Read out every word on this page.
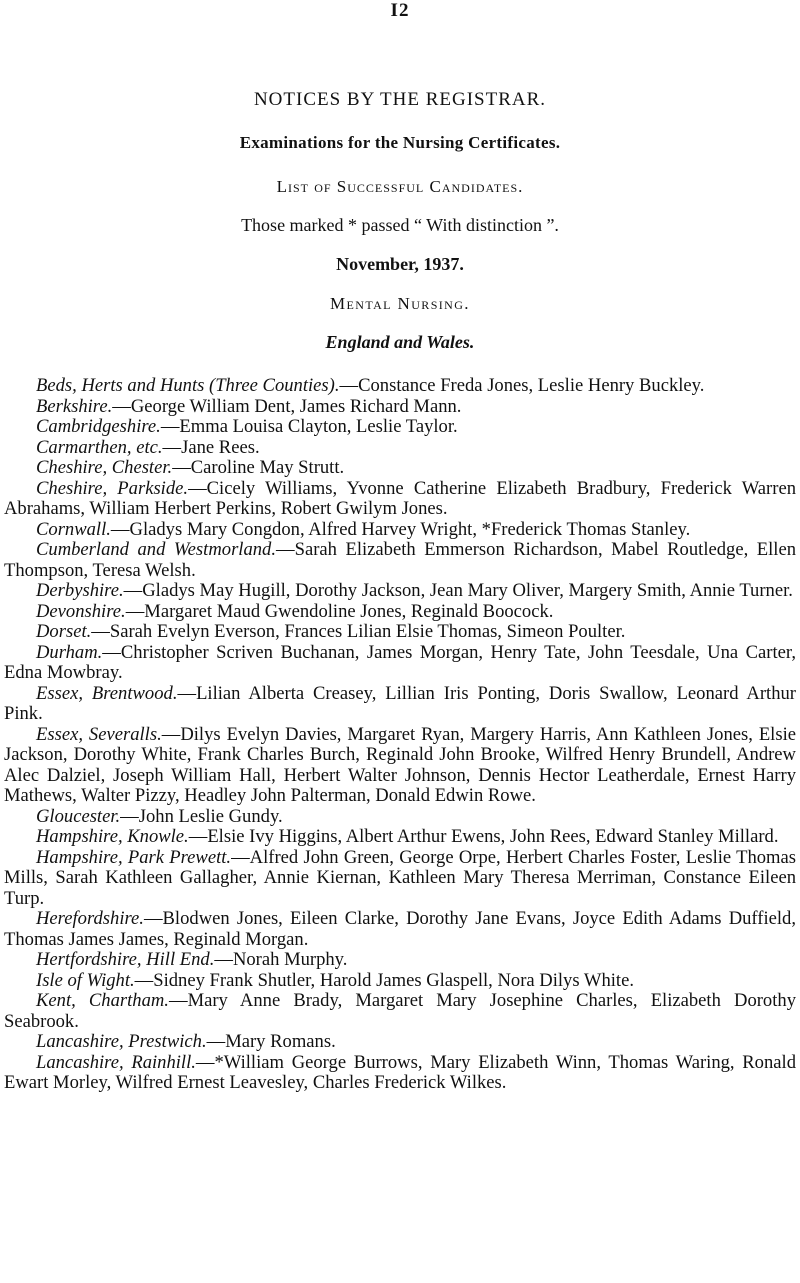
I2
NOTICES BY THE REGISTRAR.
Examinations for the Nursing Certificates.
List of Successful Candidates.
Those marked * passed “ With distinction ”.
November, 1937.
Mental Nursing.
England and Wales.

Beds, Herts and Hunts (Three Counties).—Constance Freda Jones, Leslie Henry Buckley.

Berkshire.—George William Dent, James Richard Mann.

Cambridgeshire.—Emma Louisa Clayton, Leslie Taylor.

Carmarthen, etc.—Jane Rees.

Cheshire, Chester.—Caroline May Strutt.

Cheshire, Parkside.—Cicely Williams, Yvonne Catherine Elizabeth Bradbury, Frederick Warren Abrahams, William Herbert Perkins, Robert Gwilym Jones.

Cornwall.—Gladys Mary Congdon, Alfred Harvey Wright, *Frederick Thomas Stanley.

Cumberland and Westmorland.—Sarah Elizabeth Emmerson Richardson, Mabel Routledge, Ellen Thompson, Teresa Welsh.

Derbyshire.—Gladys May Hugill, Dorothy Jackson, Jean Mary Oliver, Margery Smith, Annie Turner.

Devonshire.—Margaret Maud Gwendoline Jones, Reginald Boocock.

Dorset.—Sarah Evelyn Everson, Frances Lilian Elsie Thomas, Simeon Poulter.

Durham.—Christopher Scriven Buchanan, James Morgan, Henry Tate, John Teesdale, Una Carter, Edna Mowbray.

Essex, Brentwood.—Lilian Alberta Creasey, Lillian Iris Ponting, Doris Swallow, Leonard Arthur Pink.

Essex, Severalls.—Dilys Evelyn Davies, Margaret Ryan, Margery Harris, Ann Kathleen Jones, Elsie Jackson, Dorothy White, Frank Charles Burch, Reginald John Brooke, Wilfred Henry Brundell, Andrew Alec Dalziel, Joseph William Hall, Herbert Walter Johnson, Dennis Hector Leatherdale, Ernest Harry Mathews, Walter Pizzy, Headley John Palterman, Donald Edwin Rowe.

Gloucester.—John Leslie Gundy.

Hampshire, Knowle.—Elsie Ivy Higgins, Albert Arthur Ewens, John Rees, Edward Stanley Millard.

Hampshire, Park Prewett.—Alfred John Green, George Orpe, Herbert Charles Foster, Leslie Thomas Mills, Sarah Kathleen Gallagher, Annie Kiernan, Kathleen Mary Theresa Merriman, Constance Eileen Turp.

Herefordshire.—Blodwen Jones, Eileen Clarke, Dorothy Jane Evans, Joyce Edith Adams Duffield, Thomas James James, Reginald Morgan.

Hertfordshire, Hill End.—Norah Murphy.

Isle of Wight.—Sidney Frank Shutler, Harold James Glaspell, Nora Dilys White.

Kent, Chartham.—Mary Anne Brady, Margaret Mary Josephine Charles, Elizabeth Dorothy Seabrook.

Lancashire, Prestwich.—Mary Romans.

Lancashire, Rainhill.—*William George Burrows, Mary Elizabeth Winn, Thomas Waring, Ronald Ewart Morley, Wilfred Ernest Leavesley, Charles Frederick Wilkes.
